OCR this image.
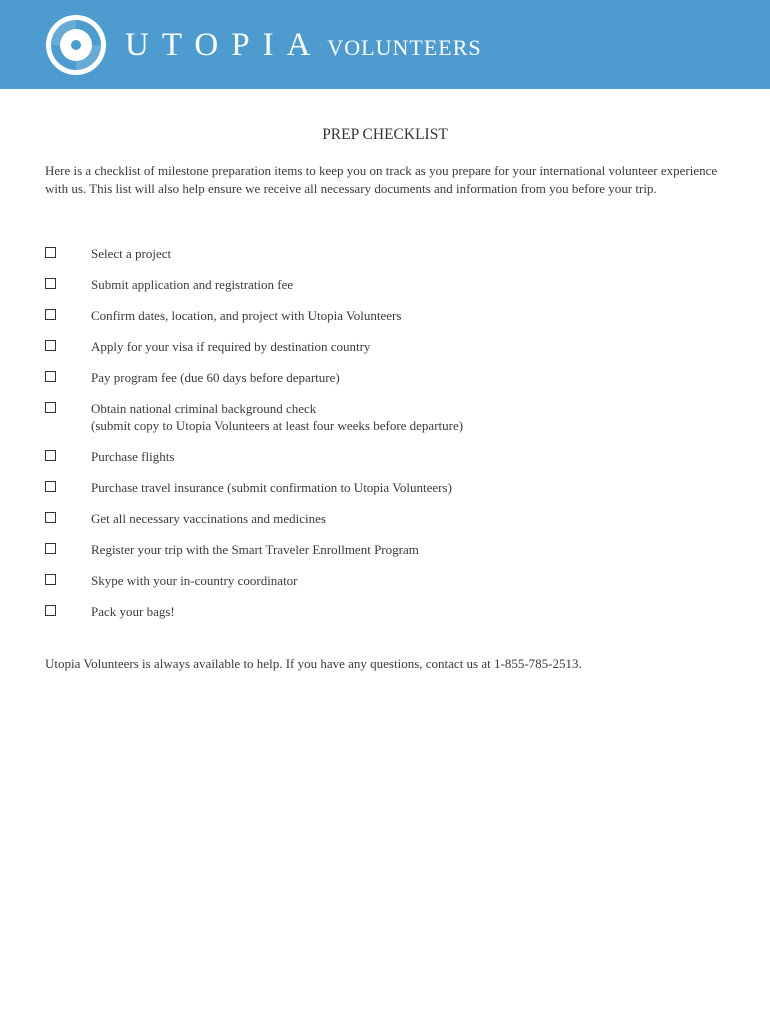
UTOPIA VOLUNTEERS
PREP CHECKLIST

Here is a checklist of milestone preparation items to keep you on track as you prepare for your international volunteer experience with us. This list will also help ensure we receive all necessary documents and information from you before your trip.

Select a project
Submit application and registration fee
Confirm dates, location, and project with Utopia Volunteers
Apply for your visa if required by destination country
Pay program fee (due 60 days before departure)
Obtain national criminal background check
(submit copy to Utopia Volunteers at least four weeks before departure)
Purchase flights
Purchase travel insurance (submit confirmation to Utopia Volunteers)
Get all necessary vaccinations and medicines
Register your trip with the Smart Traveler Enrollment Program
Skype with your in-country coordinator
Pack your bags!

Utopia Volunteers is always available to help. If you have any questions, contact us at 1-855-785-2513.
